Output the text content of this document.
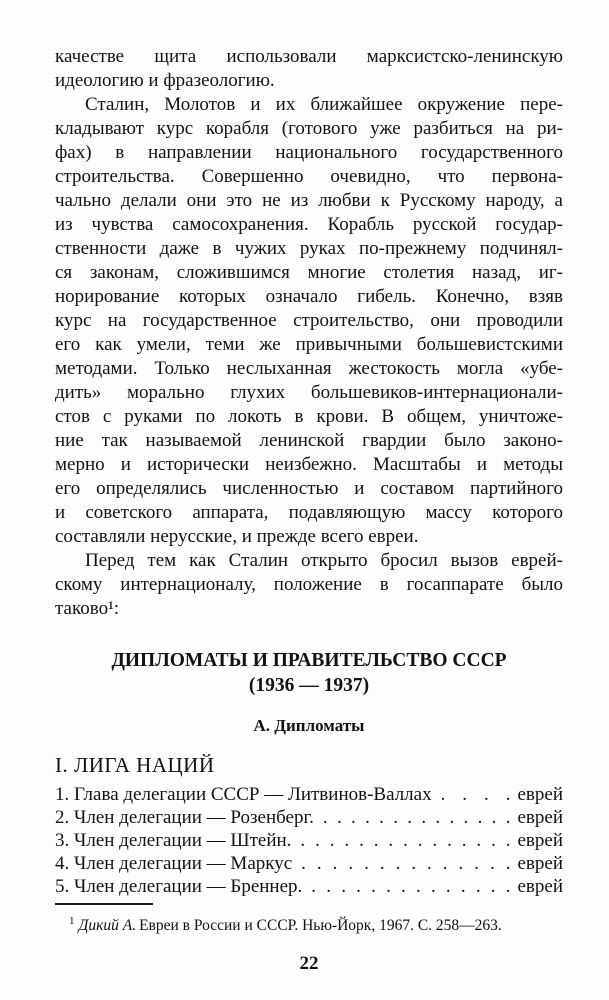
качестве щита использовали марксистско-ленинскую
идеологию и фразеологию.
Сталин, Молотов и их ближайшее окружение пере-
кладывают курс корабля (готового уже разбиться на ри-
фах) в направлении национального государственного
строительства. Совершенно очевидно, что первона-
чально делали они это не из любви к Русскому народу, а
из чувства самосохранения. Корабль русской государ-
ственности даже в чужих руках по-прежнему подчинял-
ся законам, сложившимся многие столетия назад, иг-
норирование которых означало гибель. Конечно, взяв
курс на государственное строительство, они проводили
его как умели, теми же привычными большевистскими
методами. Только неслыханная жестокость могла «убе-
дить» морально глухих большевиков-интернационали-
стов с руками по локоть в крови. В общем, уничтоже-
ние так называемой ленинской гвардии было законо-
мерно и исторически неизбежно. Масштабы и методы
его определялись численностью и составом партийного
и советского аппарата, подавляющую массу которого
составляли нерусские, и прежде всего евреи.
Перед тем как Сталин открыто бросил вызов еврей-
скому интернационалу, положение в госаппарате было
таково¹:
ДИПЛОМАТЫ И ПРАВИТЕЛЬСТВО СССР
(1936 — 1937)
А. Дипломаты
I. ЛИГА НАЦИЙ
1. Глава делегации СССР — Литвинов-Валлах . . . . еврей
2. Член делегации — Розенберг. . . . . . . . . . . . . . . еврей
3. Член делегации — Штейн. . . . . . . . . . . . . . . . еврей
4. Член делегации — Маркус . . . . . . . . . . . . . . еврей
5. Член делегации — Бреннер. . . . . . . . . . . . . . . еврей
$^1$ Дикий А. Евреи в России и СССР. Нью-Йорк, 1967. С. 258—263.
22
